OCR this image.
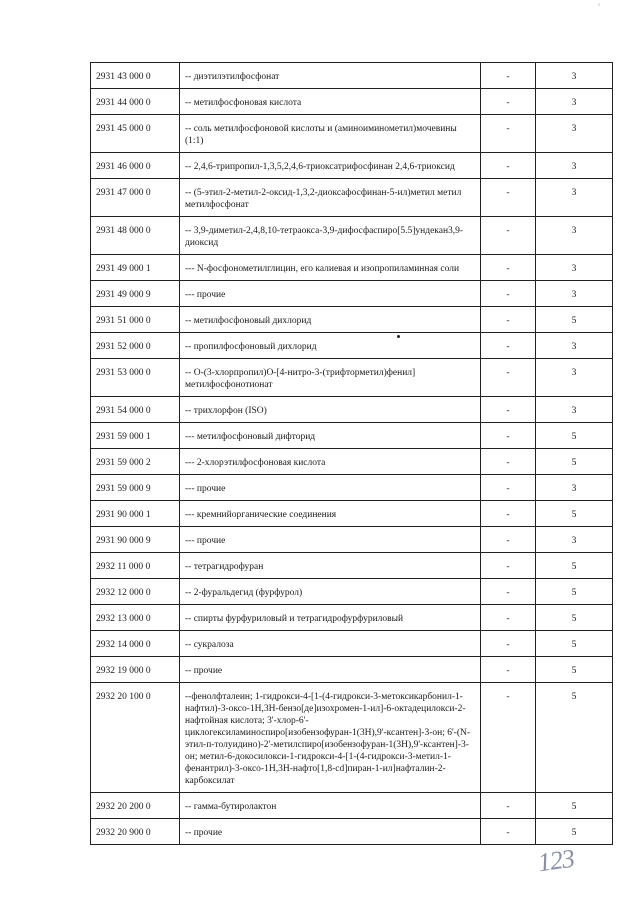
2931 43 000 0	-- диэтилэтилфосфонат	-	3
2931 44 000 0	-- метилфосфоновая кислота	-	3
2931 45 000 0	-- соль метилфосфоновой кислоты и (аминоиминометил)мочевины (1:1)	-	3
2931 46 000 0	-- 2,4,6-трипропил-1,3,5,2,4,6-триоксатрифосфинан 2,4,6-триоксид	-	3
2931 47 000 0	-- (5-этил-2-метил-2-оксид-1,3,2-диоксафосфинан-5-ил)метил метил метилфосфонат	-	3
2931 48 000 0	-- 3,9-диметил-2,4,8,10-тетраокса-3,9-дифосфаспиро[5.5]ундекан3,9-диоксид	-	3
2931 49 000 1	--- N-фосфонометилглицин, его калиевая и изопропиламинная соли	-	3
2931 49 000 9	--- прочие	-	3
2931 51 000 0	-- метилфосфоновый дихлорид	-	5
2931 52 000 0	-- пропилфосфоновый дихлорид	-	3
2931 53 000 0	-- O-(3-хлорпропил)O-[4-нитро-3-(трифторметил)фенил] метилфосфонотионат	-	3
2931 54 000 0	-- трихлорфон (ISO)	-	3
2931 59 000 1	--- метилфосфоновый дифторид	-	5
2931 59 000 2	--- 2-хлорэтилфосфоновая кислота	-	5
2931 59 000 9	--- прочие	-	3
2931 90 000 1	--- кремнийорганические соединения	-	5
2931 90 000 9	--- прочие	-	3
2932 11 000 0	-- тетрагидрофуран	-	5
2932 12 000 0	-- 2-фуральдегид (фурфурол)	-	5
2932 13 000 0	-- спирты фурфуриловый и тетрагидрофурфуриловый	-	5
2932 14 000 0	-- сукралоза	-	5
2932 19 000 0	-- прочие	-	5
2932 20 100 0	--фенолфталеин; 1-гидрокси-4-[1-(4-гидрокси-3-метоксикарбонил-1-нафтил)-3-оксо-1H,3H-бензо[де]изохромен-1-ил]-6-октадецилокси-2-нафтойная кислота; 3'-хлор-6'-циклогексиламиноспиро[изобензофуран-1(3H),9'-ксантен]-3-он; 6'-(N-этил-п-толуидино)-2'-метилспиро[изобензофуран-1(3H),9'-ксантен]-3-он; метил-6-докосилокси-1-гидрокси-4-[1-(4-гидрокси-3-метил-1-фенантрил)-3-оксо-1H,3H-нафто[1,8-cd]пиран-1-ил]нафталин-2-карбоксилат	-	5
2932 20 200 0	-- гамма-бутиролактон	-	5
2932 20 900 0	-- прочие	-	5
'
123
